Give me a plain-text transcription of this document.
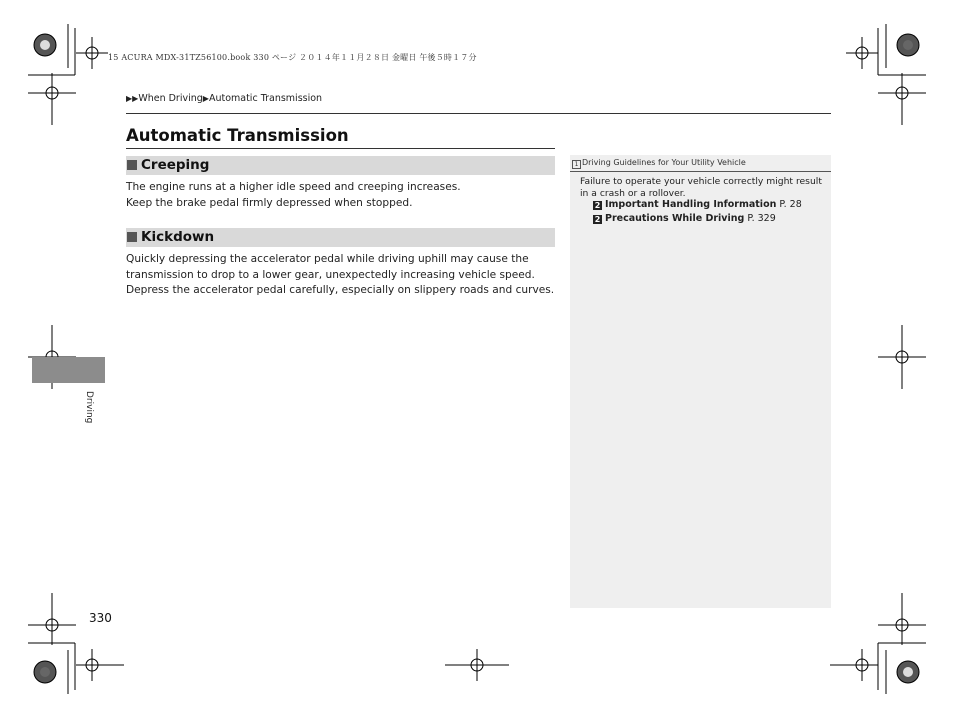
15 ACURA MDX-31TZ56100.book 330 ページ ２０１４年１１月２８日 金曜日 午後５時１７分
▶▶When Driving▶Automatic Transmission
Automatic Transmission
Creeping

The engine runs at a higher idle speed and creeping increases.

Keep the brake pedal firmly depressed when stopped.

Kickdown

Quickly depressing the accelerator pedal while driving uphill may cause the transmission to drop to a lower gear, unexpectedly increasing vehicle speed. Depress the accelerator pedal carefully, especially on slippery roads and curves.

1 Driving Guidelines for Your Utility Vehicle
Failure to operate your vehicle correctly might result in a crash or a rollover.
2 Important Handling Information P. 28
2 Precautions While Driving P. 329
Driving
330
